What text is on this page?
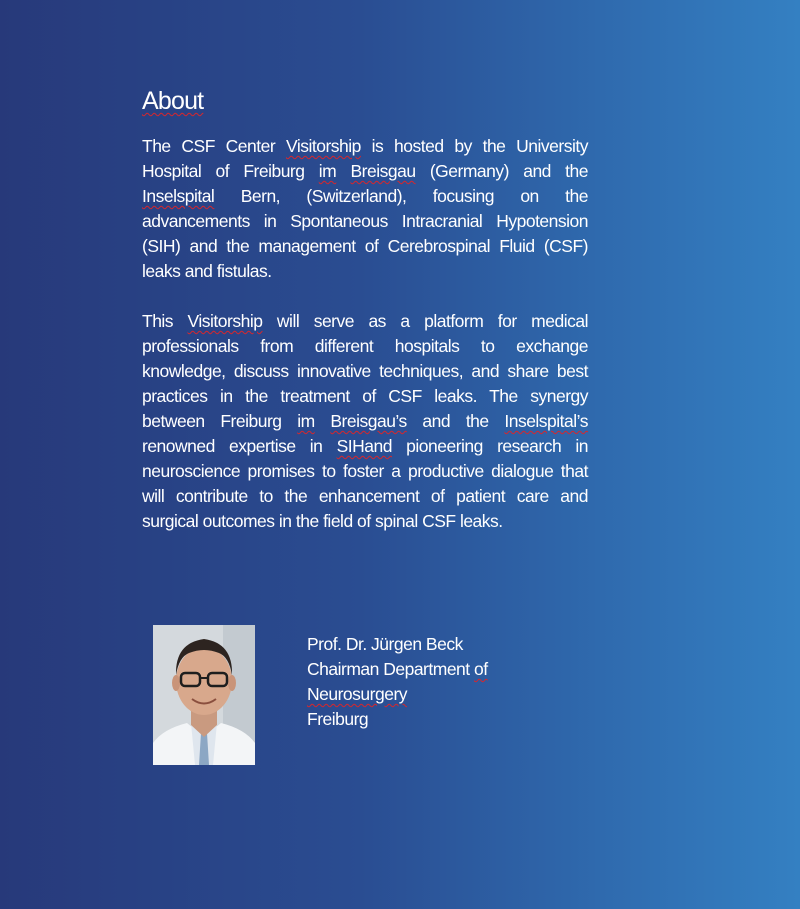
About

The CSF Center Visitorship is hosted by the University Hospital of Freiburg im Breisgau (Germany) and the Inselspital Bern, (Switzerland), focusing on the advancements in Spontaneous Intracranial Hypotension (SIH) and the management of Cerebrospinal Fluid (CSF) leaks and fistulas.

This Visitorship will serve as a platform for medical professionals from different hospitals to exchange knowledge, discuss innovative techniques, and share best practices in the treatment of CSF leaks. The synergy between Freiburg im Breisgau’s and the Inselspital’s renowned expertise in SIHand pioneering research in neuroscience promises to foster a productive dialogue that will contribute to the enhancement of patient care and surgical outcomes in the field of spinal CSF leaks.

Prof. Dr. Jürgen Beck
Chairman Department of
Neurosurgery
Freiburg
